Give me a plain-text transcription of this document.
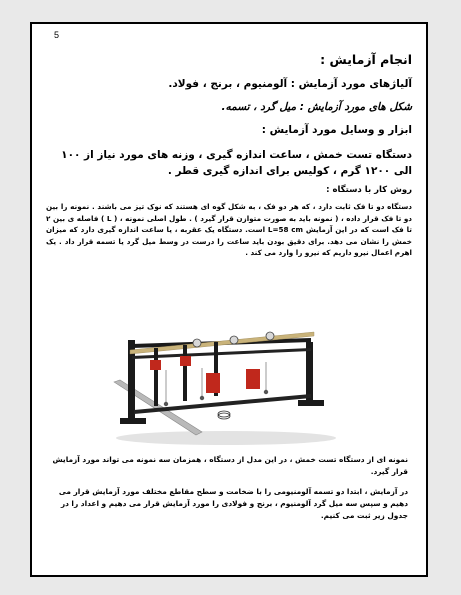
5
انجام آزمایش :
آلیاژهای مورد آزمایش : آلومنیوم ، برنج ، فولاد.
شکل های مورد آزمایش : میل گرد ، تسمه.
ابزار و وسایل مورد آزمایش :
دستگاه تست خمش ، ساعت اندازه گیری ، وزنه های مورد نیاز از ۱۰۰ الی ۱۲۰۰ گرم ، کولیس برای اندازه گیری قطر .
روش کار با دستگاه :

دستگاه دو تا فک ثابت دارد ، که هر دو فک ، به شکل گوه ای هستند که نوک تیز می باشند . نمونه را بین دو تا فک قرار داده ، ( نمونه باید به صورت متوازن قرار گیرد ) . طول اصلی نمونه ، ( L ) فاصله ی بین ۲ تا فک است که در این آزمایش L=58 cm است. دستگاه یک عقربه ، یا ساعت اندازه گیری دارد که میزان خمش را نشان می دهد. برای دقیق بودن باید ساعت را درست در وسط میل گرد یا تسمه قرار داد . یک اهرم اعمال نیرو داریم که نیرو را وارد می کند .

نمونه ای از دستگاه تست خمش ، در این مدل از دستگاه ، همزمان سه نمونه می تواند مورد آزمایش قرار گیرد.
در آزمایش ، ابتدا دو تسمه آلومنیومی را با ضخامت و سطح مقاطع مختلف مورد آزمایش قرار می دهیم و سپس سه میل گرد آلومنیوم ، برنج و فولادی را مورد آزمایش قرار می دهیم و اعداد را در جدول زیر ثبت می کنیم.
